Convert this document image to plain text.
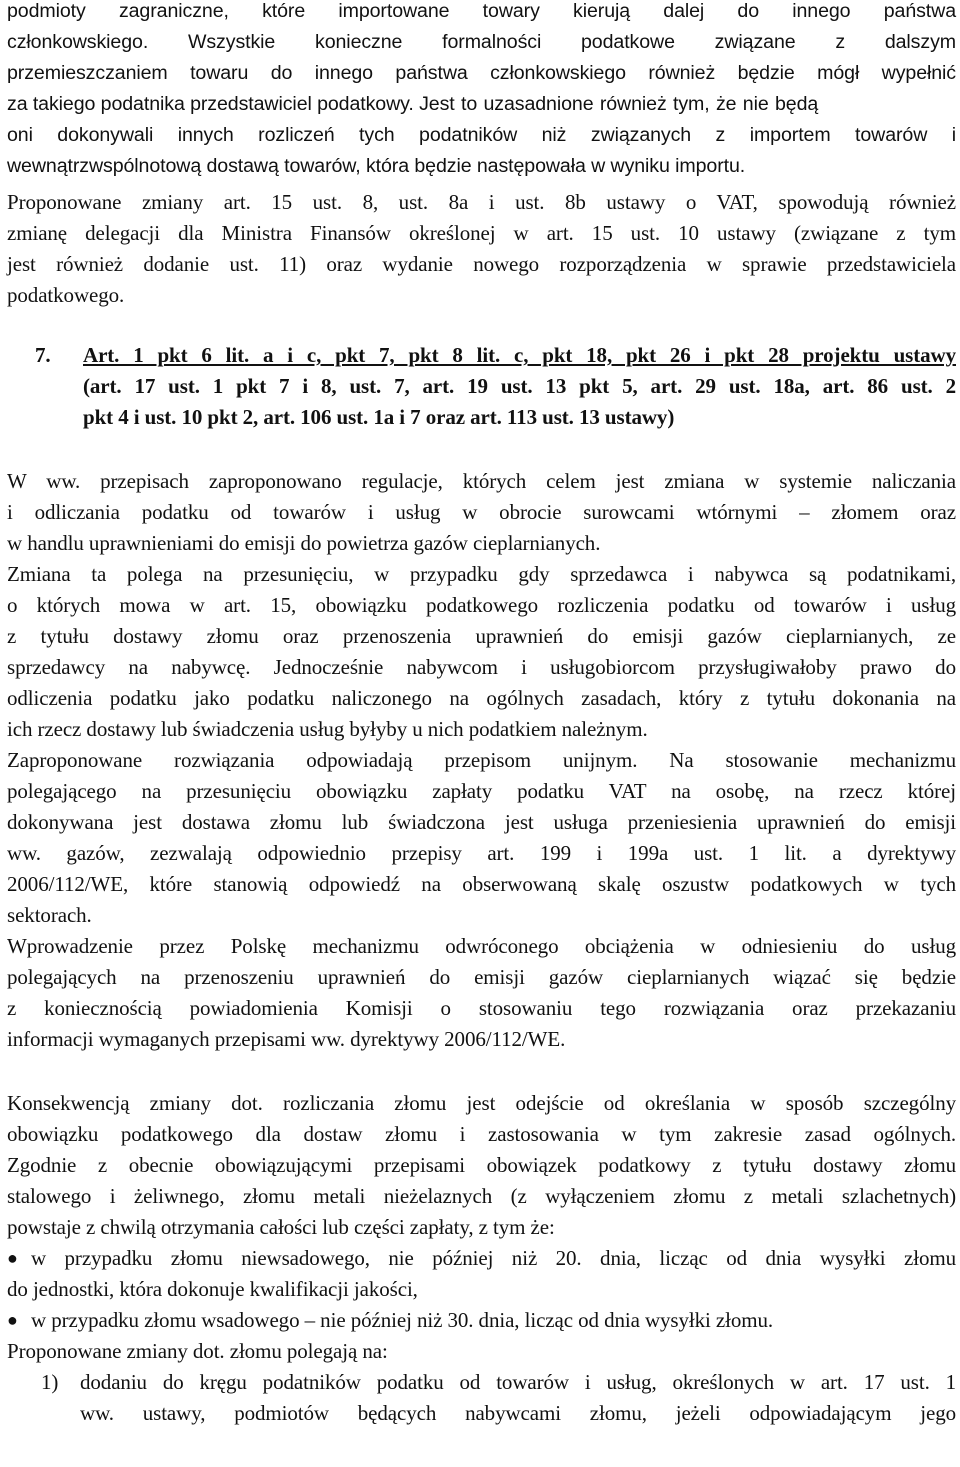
podmioty zagraniczne, które importowane towary kierują dalej do innego państwa
członkowskiego. Wszystkie konieczne formalności podatkowe związane z dalszym
przemieszczaniem towaru do innego państwa członkowskiego również będzie mógł wypełnić
za takiego podatnika przedstawiciel podatkowy. Jest to uzasadnione również tym, że nie będą
oni dokonywali innych rozliczeń tych podatników niż związanych z importem towarów i
wewnątrzwspólnotową dostawą towarów, która będzie następowała w wyniku importu.
Proponowane zmiany art. 15 ust. 8, ust. 8a i ust. 8b ustawy o VAT, spowodują również
zmianę delegacji dla Ministra Finansów określonej w art. 15 ust. 10 ustawy (związane z tym
jest również dodanie ust. 11) oraz wydanie nowego rozporządzenia w sprawie przedstawiciela
podatkowego.
7. Art. 1 pkt 6 lit. a i c, pkt 7, pkt 8 lit. c, pkt 18, pkt 26 i pkt 28 projektu ustawy
(art. 17 ust. 1 pkt 7 i 8, ust. 7, art. 19 ust. 13 pkt 5, art. 29 ust. 18a, art. 86 ust. 2
pkt 4 i ust. 10 pkt 2, art. 106 ust. 1a i 7 oraz art. 113 ust. 13 ustawy)
W ww. przepisach zaproponowano regulacje, których celem jest zmiana w systemie naliczania
i odliczania podatku od towarów i usług w obrocie surowcami wtórnymi – złomem oraz
w handlu uprawnieniami do emisji do powietrza gazów cieplarnianych.
Zmiana ta polega na przesunięciu, w przypadku gdy sprzedawca i nabywca są podatnikami,
o których mowa w art. 15, obowiązku podatkowego rozliczenia podatku od towarów i usług
z tytułu dostawy złomu oraz przenoszenia uprawnień do emisji gazów cieplarnianych, ze
sprzedawcy na nabywcę. Jednocześnie nabywcom i usługobiorcom przysługiwałoby prawo do
odliczenia podatku jako podatku naliczonego na ogólnych zasadach, który z tytułu dokonania na
ich rzecz dostawy lub świadczenia usług byłyby u nich podatkiem należnym.
Zaproponowane rozwiązania odpowiadają przepisom unijnym. Na stosowanie mechanizmu
polegającego na przesunięciu obowiązku zapłaty podatku VAT na osobę, na rzecz której
dokonywana jest dostawa złomu lub świadczona jest usługa przeniesienia uprawnień do emisji
ww. gazów, zezwalają odpowiednio przepisy art. 199 i 199a ust. 1 lit. a dyrektywy
2006/112/WE, które stanowią odpowiedź na obserwowaną skalę oszustw podatkowych w tych
sektorach.
Wprowadzenie przez Polskę mechanizmu odwróconego obciążenia w odniesieniu do usług
polegających na przenoszeniu uprawnień do emisji gazów cieplarnianych wiązać się będzie
z koniecznością powiadomienia Komisji o stosowaniu tego rozwiązania oraz przekazaniu
informacji wymaganych przepisami ww. dyrektywy 2006/112/WE.
Konsekwencją zmiany dot. rozliczania złomu jest odejście od określania w sposób szczególny
obowiązku podatkowego dla dostaw złomu i zastosowania w tym zakresie zasad ogólnych.
Zgodnie z obecnie obowiązującymi przepisami obowiązek podatkowy z tytułu dostawy złomu
stalowego i żeliwnego, złomu metali nieżelaznych (z wyłączeniem złomu z metali szlachetnych)
powstaje z chwilą otrzymania całości lub części zapłaty, z tym że:
● w przypadku złomu niewsadowego, nie później niż 20. dnia, licząc od dnia wysyłki złomu
do jednostki, która dokonuje kwalifikacji jakości,
● w przypadku złomu wsadowego – nie później niż 30. dnia, licząc od dnia wysyłki złomu.
Proponowane zmiany dot. złomu polegają na:
1) dodaniu do kręgu podatników podatku od towarów i usług, określonych w art. 17 ust. 1
ww. ustawy, podmiotów będących nabywcami złomu, jeżeli odpowiadającym jego
